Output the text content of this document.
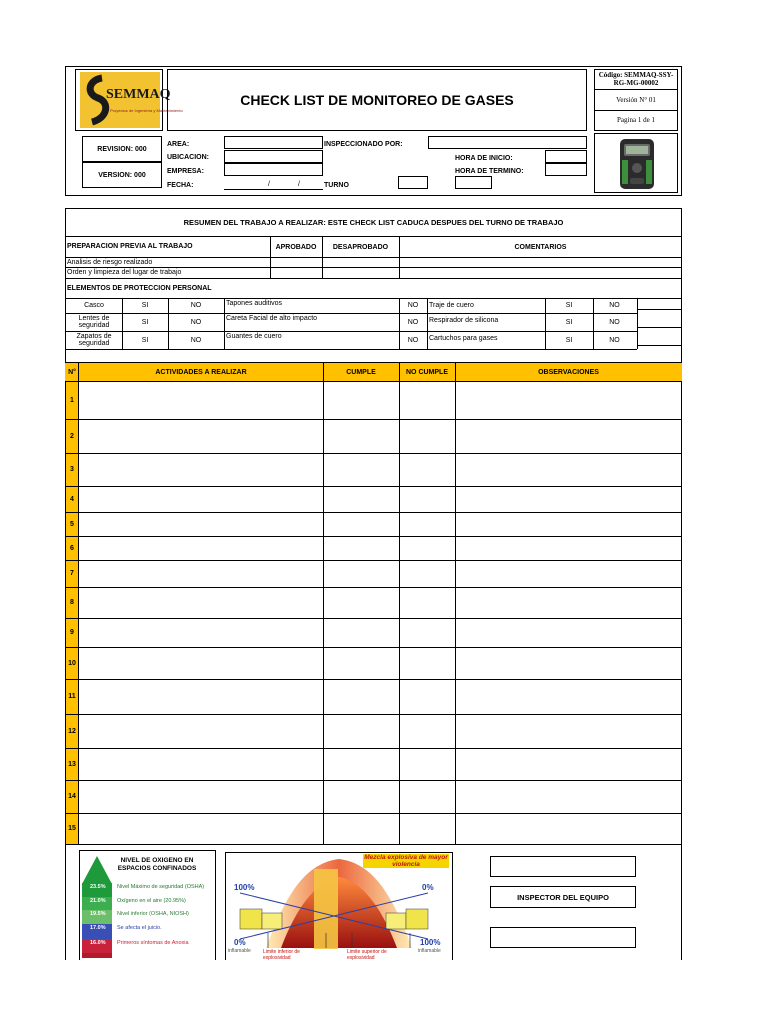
SEMMAQ
Proyectos de Ingeniería y Mantenimiento
CHECK LIST DE MONITOREO DE GASES
Código: SEMMAQ-SSY-RG-MG-00002
Versión N° 01
Pagina 1 de 1
REVISION: 000
VERSION: 000
AREA:
UBICACION:
EMPRESA:
FECHA:	/	/	TURNO
INSPECCIONADO POR:
HORA DE INICIO:
HORA DE TERMINO:
RESUMEN DEL TRABAJO A REALIZAR: ESTE CHECK LIST CADUCA DESPUES DEL TURNO DE TRABAJO
PREPARACION PREVIA AL TRABAJO	APROBADO	DESAPROBADO	COMENTARIOS
Analisis de riesgo realizado
Orden y limpieza del lugar de trabajo
ELEMENTOS DE PROTECCION PERSONAL
Casco	SI	NO	Tapones auditivos	NO	Traje de cuero	SI	NO
Lentes de seguridad	SI	NO	Careta Facial de alto impacto	NO	Respirador de silicona	SI	NO
Zapatos de seguridad	SI	NO	Guantes de cuero	NO	Cartuchos para gases	SI	NO
N°	ACTIVIDADES A REALIZAR	CUMPLE	NO CUMPLE	OBSERVACIONES
1
2
3
4
5
6
7
8
9
10
11
12
13
14
15
NIVEL DE OXIGENO EN ESPACIOS CONFINADOS
23.5% Nivel Máximo de seguridad (OSHA)
21.0% Oxígeno en el aire (20.95%)
19.5% Nivel inferior (OSHA, NIOSH)
17.0% Se afecta el juicio.
16.0% Primeros síntomas de Anoxia
Mezcla explosiva de mayor violencia
100%	0%
0%	100%
inflamable	inflamable
Limite inferior de explosividad
Limite superior de explosividad
INSPECTOR DEL EQUIPO
